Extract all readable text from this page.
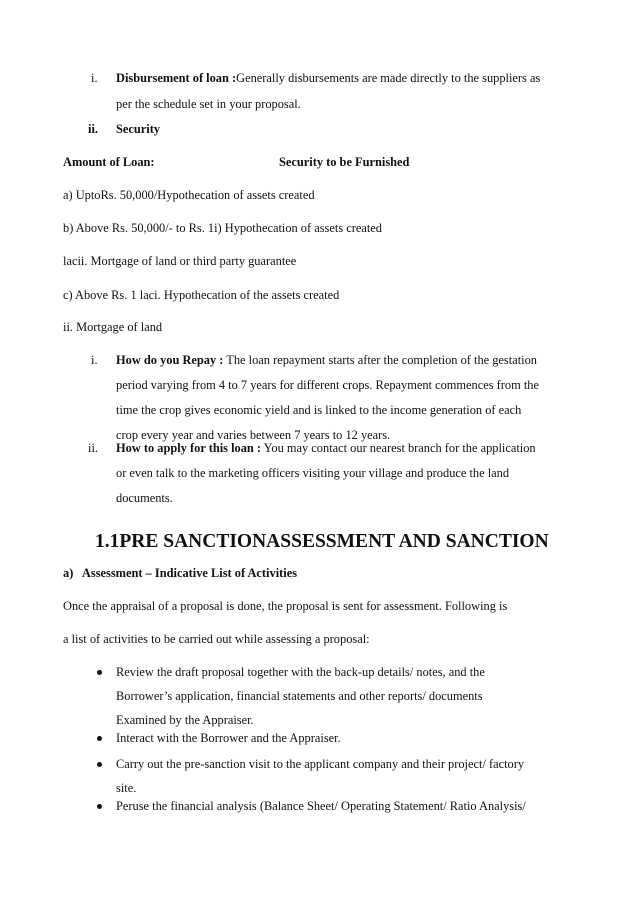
i. Disbursement of loan :Generally disbursements are made directly to the suppliers as
per the schedule set in your proposal.
ii. Security
Amount of Loan:	Security to be Furnished
a) UptoRs. 50,000/Hypothecation of assets created
b) Above Rs. 50,000/- to Rs. 1i) Hypothecation of assets created
lacii. Mortgage of land or third party guarantee
c) Above Rs. 1 laci. Hypothecation of the assets created
ii. Mortgage of land
i. How do you Repay : The loan repayment starts after the completion of the gestation
period varying from 4 to 7 years for different crops. Repayment commences from the
time the crop gives economic yield and is linked to the income generation of each
crop every year and varies between 7 years to 12 years.
ii. How to apply for this loan : You may contact our nearest branch for the application
or even talk to the marketing officers visiting your village and produce the land
documents.
1.1PRE SANCTIONASSESSMENT AND SANCTION
a)   Assessment – Indicative List of Activities
Once the appraisal of a proposal is done, the proposal is sent for assessment. Following is
a list of activities to be carried out while assessing a proposal:
Review the draft proposal together with the back-up details/ notes, and the
Borrower’s application, financial statements and other reports/ documents
Examined by the Appraiser.
Interact with the Borrower and the Appraiser.
Carry out the pre-sanction visit to the applicant company and their project/ factory
site.
Peruse the financial analysis (Balance Sheet/ Operating Statement/ Ratio Analysis/
